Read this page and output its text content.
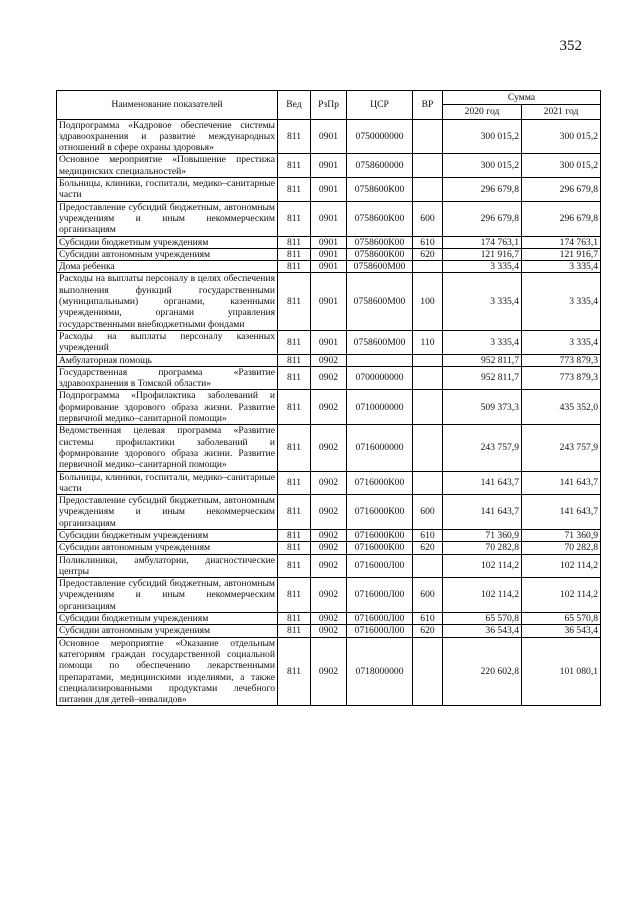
352
Наименование показателей	Вед	РзПр	ЦСР	ВР	Сумма	
					2020 год	2021 год
Подпрограмма «Кадровое обеспечение системы здравоохранения и развитие международных отношений в сфере охраны здоровья»	811	0901	0750000000		300 015,2	300 015,2
Основное мероприятие «Повышение престижа медицинских специальностей»	811	0901	0758600000		300 015,2	300 015,2
Больницы, клиники, госпитали, медико–санитарные части	811	0901	0758600К00		296 679,8	296 679,8
Предоставление субсидий бюджетным, автономным учреждениям и иным некоммерческим организациям	811	0901	0758600К00	600	296 679,8	296 679,8
Субсидии бюджетным учреждениям	811	0901	0758600К00	610	174 763,1	174 763,1
Субсидии автономным учреждениям	811	0901	0758600К00	620	121 916,7	121 916,7
Дома ребенка	811	0901	0758600М00		3 335,4	3 335,4
Расходы на выплаты персоналу в целях обеспечения выполнения функций государственными (муниципальными) органами, казенными учреждениями, органами управления государственными внебюджетными фондами	811	0901	0758600М00	100	3 335,4	3 335,4
Расходы на выплаты персоналу казенных учреждений	811	0901	0758600М00	110	3 335,4	3 335,4
Амбулаторная помощь	811	0902			952 811,7	773 879,3
Государственная программа «Развитие здравоохранения в Томской области»	811	0902	0700000000		952 811,7	773 879,3
Подпрограмма «Профилактика заболеваний и формирование здорового образа жизни. Развитие первичной медико–санитарной помощи»	811	0902	0710000000		509 373,3	435 352,0
Ведомственная целевая программа «Развитие системы профилактики заболеваний и формирование здорового образа жизни. Развитие первичной медико–санитарной помощи»	811	0902	0716000000		243 757,9	243 757,9
Больницы, клиники, госпитали, медико–санитарные части	811	0902	0716000К00		141 643,7	141 643,7
Предоставление субсидий бюджетным, автономным учреждениям и иным некоммерческим организациям	811	0902	0716000К00	600	141 643,7	141 643,7
Субсидии бюджетным учреждениям	811	0902	0716000К00	610	71 360,9	71 360,9
Субсидии автономным учреждениям	811	0902	0716000К00	620	70 282,8	70 282,8
Поликлиники, амбулатории, диагностические центры	811	0902	0716000Л00		102 114,2	102 114,2
Предоставление субсидий бюджетным, автономным учреждениям и иным некоммерческим организациям	811	0902	0716000Л00	600	102 114,2	102 114,2
Субсидии бюджетным учреждениям	811	0902	0716000Л00	610	65 570,8	65 570,8
Субсидии автономным учреждениям	811	0902	0716000Л00	620	36 543,4	36 543,4
Основное мероприятие «Оказание отдельным категориям граждан государственной социальной помощи по обеспечению лекарственными препаратами, медицинскими изделиями, а также специализированными продуктами лечебного питания для детей–инвалидов»	811	0902	0718000000		220 602,8	101 080,1
